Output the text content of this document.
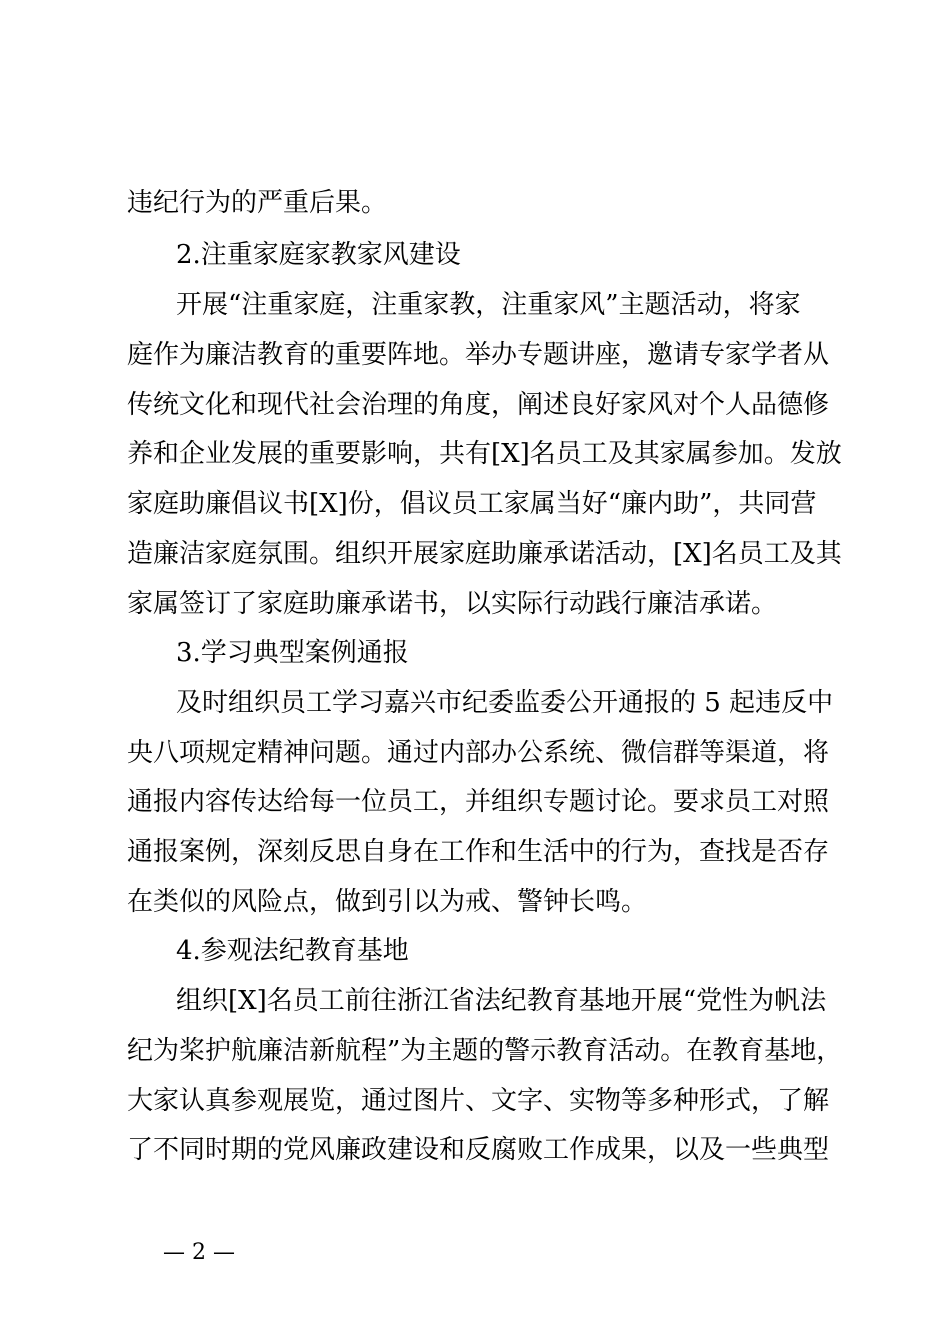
违纪行为的严重后果。
2.注重家庭家教家风建设
开展“注重家庭，注重家教，注重家风”主题活动，将家
庭作为廉洁教育的重要阵地。举办专题讲座，邀请专家学者从
传统文化和现代社会治理的角度，阐述良好家风对个人品德修
养和企业发展的重要影响，共有[X]名员工及其家属参加。发放
家庭助廉倡议书[X]份，倡议员工家属当好“廉内助”，共同营
造廉洁家庭氛围。组织开展家庭助廉承诺活动，[X]名员工及其
家属签订了家庭助廉承诺书，以实际行动践行廉洁承诺。
3.学习典型案例通报
及时组织员工学习嘉兴市纪委监委公开通报的 5 起违反中
央八项规定精神问题。通过内部办公系统、微信群等渠道，将
通报内容传达给每一位员工，并组织专题讨论。要求员工对照
通报案例，深刻反思自身在工作和生活中的行为，查找是否存
在类似的风险点，做到引以为戒、警钟长鸣。
4.参观法纪教育基地
组织[X]名员工前往浙江省法纪教育基地开展“党性为帆法
纪为桨护航廉洁新航程”为主题的警示教育活动。在教育基地，
大家认真参观展览，通过图片、文字、实物等多种形式，了解
了不同时期的党风廉政建设和反腐败工作成果，以及一些典型
— 2 —
